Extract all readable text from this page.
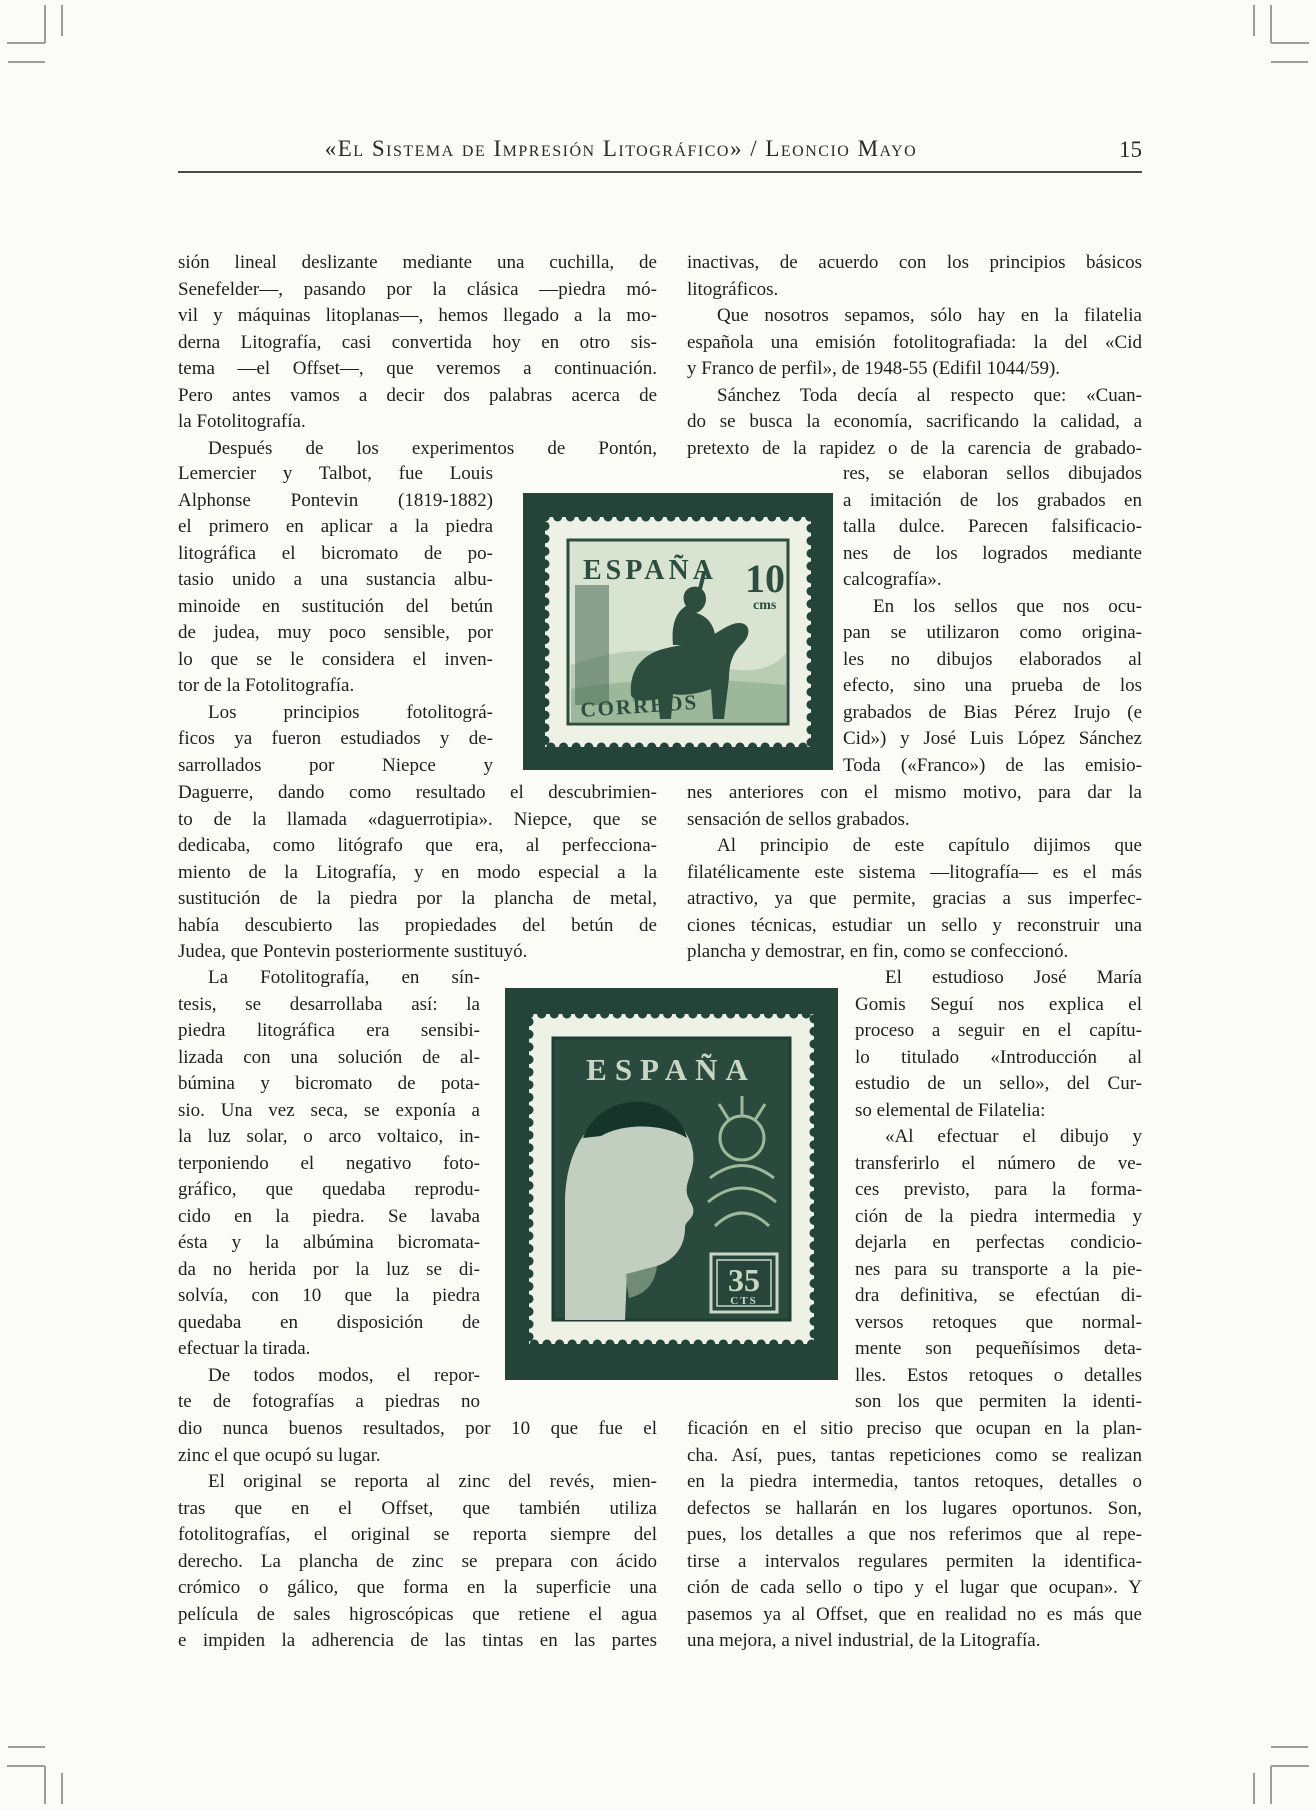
«El Sistema de Impresión Litográfico» / Leoncio Mayo	15
sión lineal deslizante mediante una cuchilla, de
Senefelder—, pasando por la clásica —piedra mó-
vil y máquinas litoplanas—, hemos llegado a la mo-
derna Litografía, casi convertida hoy en otro sis-
tema —el Offset—, que veremos a continuación.
Pero antes vamos a decir dos palabras acerca de
la Fotolitografía.
Después de los experimentos de Pontón,
Lemercier y Talbot, fue Louis
Alphonse Pontevin (1819-1882)
el primero en aplicar a la piedra
litográfica el bicromato de po-
tasio unido a una sustancia albu-
minoide en sustitución del betún
de judea, muy poco sensible, por
lo que se le considera el inven-
tor de la Fotolitografía.
Los principios fotolitográ-
ficos ya fueron estudiados y de-
sarrollados por Niepce y
Daguerre, dando como resultado el descubrimien-
to de la llamada «daguerrotipia». Niepce, que se
dedicaba, como litógrafo que era, al perfecciona-
miento de la Litografía, y en modo especial a la
sustitución de la piedra por la plancha de metal,
había descubierto las propiedades del betún de
Judea, que Pontevin posteriormente sustituyó.
La Fotolitografía, en sín-
tesis, se desarrollaba así: la
piedra litográfica era sensibi-
lizada con una solución de al-
búmina y bicromato de pota-
sio. Una vez seca, se exponía a
la luz solar, o arco voltaico, in-
terponiendo el negativo foto-
gráfico, que quedaba reprodu-
cido en la piedra. Se lavaba
ésta y la albúmina bicromata-
da no herida por la luz se di-
solvía, con 10 que la piedra
quedaba en disposición de
efectuar la tirada.
De todos modos, el repor-
te de fotografías a piedras no
dio nunca buenos resultados, por 10 que fue el
zinc el que ocupó su lugar.
El original se reporta al zinc del revés, mien-
tras que en el Offset, que también utiliza
fotolitografías, el original se reporta siempre del
derecho. La plancha de zinc se prepara con ácido
crómico o gálico, que forma en la superficie una
película de sales higroscópicas que retiene el agua
e impiden la adherencia de las tintas en las partes
inactivas, de acuerdo con los principios básicos
litográficos.
Que nosotros sepamos, sólo hay en la filatelia
española una emisión fotolitografiada: la del «Cid
y Franco de perfil», de 1948-55 (Edifil 1044/59).
Sánchez Toda decía al respecto que: «Cuan-
do se busca la economía, sacrificando la calidad, a
pretexto de la rapidez o de la carencia de grabado-
res, se elaboran sellos dibujados
a imitación de los grabados en
talla dulce. Parecen falsificacio-
nes de los logrados mediante
calcografía».
En los sellos que nos ocu-
pan se utilizaron como origina-
les no dibujos elaborados al
efecto, sino una prueba de los
grabados de Bias Pérez Irujo (e
Cid») y José Luis López Sánchez
Toda («Franco») de las emisio-
nes anteriores con el mismo motivo, para dar la
sensación de sellos grabados.
Al principio de este capítulo dijimos que
filatélicamente este sistema —litografía— es el más
atractivo, ya que permite, gracias a sus imperfec-
ciones técnicas, estudiar un sello y reconstruir una
plancha y demostrar, en fin, como se confeccionó.
El estudioso José María
Gomis Seguí nos explica el
proceso a seguir en el capítu-
lo titulado «Introducción al
estudio de un sello», del Cur-
so elemental de Filatelia:
«Al efectuar el dibujo y
transferirlo el número de ve-
ces previsto, para la forma-
ción de la piedra intermedia y
dejarla en perfectas condicio-
nes para su transporte a la pie-
dra definitiva, se efectúan di-
versos retoques que normal-
mente son pequeñísimos deta-
lles. Estos retoques o detalles
son los que permiten la identi-
ficación en el sitio preciso que ocupan en la plan-
cha. Así, pues, tantas repeticiones como se realizan
en la piedra intermedia, tantos retoques, detalles o
defectos se hallarán en los lugares oportunos. Son,
pues, los detalles a que nos referimos que al repe-
tirse a intervalos regulares permiten la identifica-
ción de cada sello o tipo y el lugar que ocupan». Y
pasemos ya al Offset, que en realidad no es más que
una mejora, a nivel industrial, de la Litografía.
ESPAÑA 10
cms
CORREOS
ESPAÑA
35
CTS
